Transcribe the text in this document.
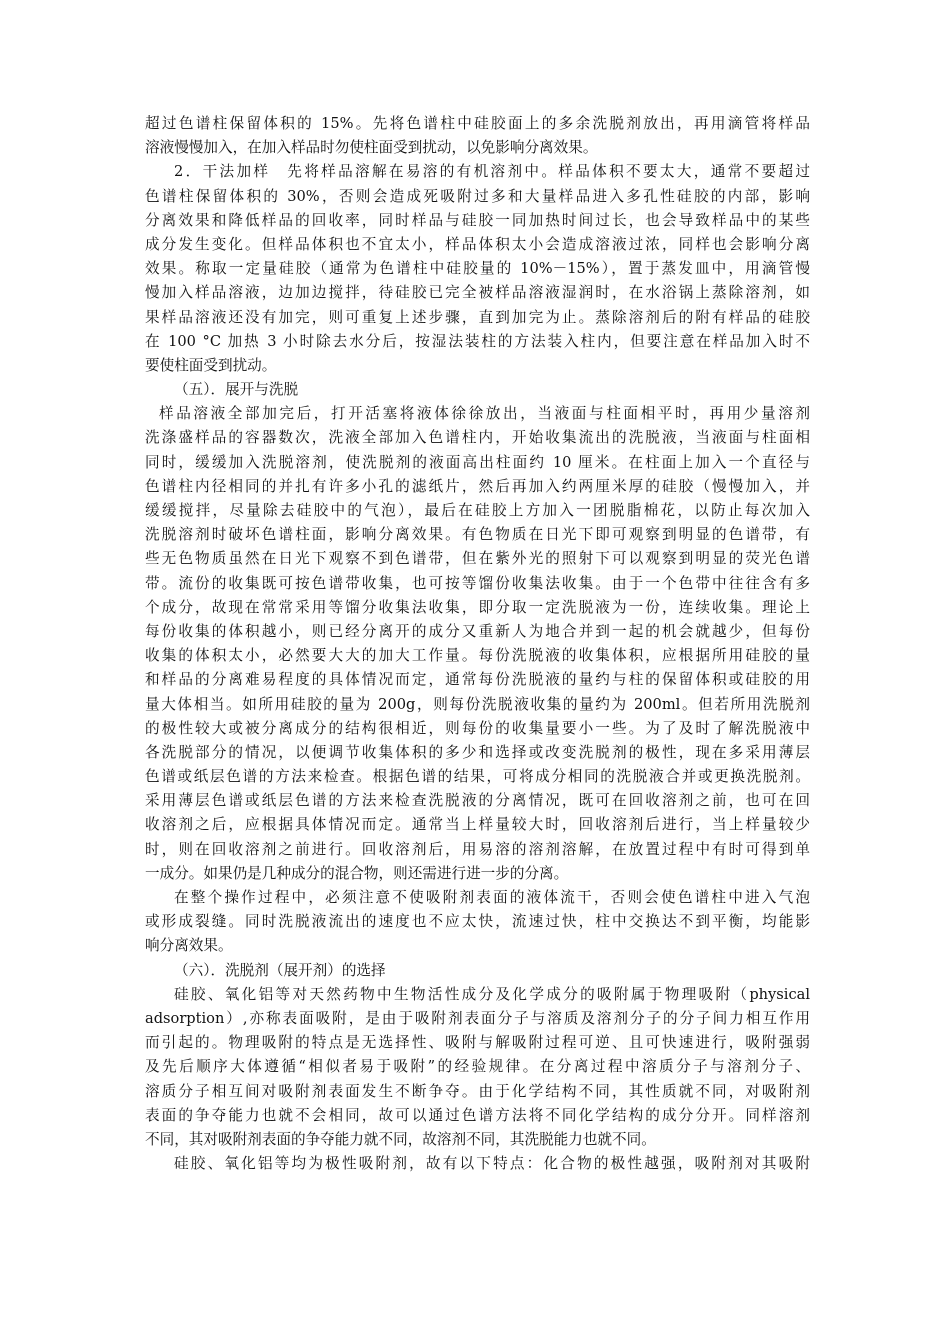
超过色谱柱保留体积的 15%。先将色谱柱中硅胶面上的多余洗脱剂放出，再用滴管将样品
溶液慢慢加入，在加入样品时勿使柱面受到扰动，以免影响分离效果。
2．干法加样　先将样品溶解在易溶的有机溶剂中。样品体积不要太大，通常不要超过
色谱柱保留体积的 30%，否则会造成死吸附过多和大量样品进入多孔性硅胶的内部，影响
分离效果和降低样品的回收率，同时样品与硅胶一同加热时间过长，也会导致样品中的某些
成分发生变化。但样品体积也不宜太小，样品体积太小会造成溶液过浓，同样也会影响分离
效果。称取一定量硅胶（通常为色谱柱中硅胶量的 10%－15%），置于蒸发皿中，用滴管慢
慢加入样品溶液，边加边搅拌，待硅胶已完全被样品溶液湿润时，在水浴锅上蒸除溶剂，如
果样品溶液还没有加完，则可重复上述步骤，直到加完为止。蒸除溶剂后的附有样品的硅胶
在 100 °C 加热 3 小时除去水分后，按湿法装柱的方法装入柱内，但要注意在样品加入时不
要使柱面受到扰动。
（五）．展开与洗脱
样品溶液全部加完后，打开活塞将液体徐徐放出，当液面与柱面相平时，再用少量溶剂
洗涤盛样品的容器数次，洗液全部加入色谱柱内，开始收集流出的洗脱液，当液面与柱面相
同时，缓缓加入洗脱溶剂，使洗脱剂的液面高出柱面约 10 厘米。在柱面上加入一个直径与
色谱柱内径相同的并扎有许多小孔的滤纸片，然后再加入约两厘米厚的硅胶（慢慢加入，并
缓缓搅拌，尽量除去硅胶中的气泡），最后在硅胶上方加入一团脱脂棉花，以防止每次加入
洗脱溶剂时破坏色谱柱面，影响分离效果。有色物质在日光下即可观察到明显的色谱带，有
些无色物质虽然在日光下观察不到色谱带，但在紫外光的照射下可以观察到明显的荧光色谱
带。流份的收集既可按色谱带收集，也可按等馏份收集法收集。由于一个色带中往往含有多
个成分，故现在常常采用等馏分收集法收集，即分取一定洗脱液为一份，连续收集。理论上
每份收集的体积越小，则已经分离开的成分又重新人为地合并到一起的机会就越少，但每份
收集的体积太小，必然要大大的加大工作量。每份洗脱液的收集体积，应根据所用硅胶的量
和样品的分离难易程度的具体情况而定，通常每份洗脱液的量约与柱的保留体积或硅胶的用
量大体相当。如所用硅胶的量为 200g，则每份洗脱液收集的量约为 200ml。但若所用洗脱剂
的极性较大或被分离成分的结构很相近，则每份的收集量要小一些。为了及时了解洗脱液中
各洗脱部分的情况，以便调节收集体积的多少和选择或改变洗脱剂的极性，现在多采用薄层
色谱或纸层色谱的方法来检查。根据色谱的结果，可将成分相同的洗脱液合并或更换洗脱剂。
采用薄层色谱或纸层色谱的方法来检查洗脱液的分离情况，既可在回收溶剂之前，也可在回
收溶剂之后，应根据具体情况而定。通常当上样量较大时，回收溶剂后进行，当上样量较少
时，则在回收溶剂之前进行。回收溶剂后，用易溶的溶剂溶解，在放置过程中有时可得到单
一成分。如果仍是几种成分的混合物，则还需进行进一步的分离。
在整个操作过程中，必须注意不使吸附剂表面的液体流干，否则会使色谱柱中进入气泡
或形成裂缝。同时洗脱液流出的速度也不应太快，流速过快，柱中交换达不到平衡，均能影
响分离效果。
（六）．洗脱剂（展开剂）的选择
硅胶、氧化铝等对天然药物中生物活性成分及化学成分的吸附属于物理吸附（physical
adsorption）,亦称表面吸附，是由于吸附剂表面分子与溶质及溶剂分子的分子间力相互作用
而引起的。物理吸附的特点是无选择性、吸附与解吸附过程可逆、且可快速进行，吸附强弱
及先后顺序大体遵循“相似者易于吸附”的经验规律。在分离过程中溶质分子与溶剂分子、
溶质分子相互间对吸附剂表面发生不断争夺。由于化学结构不同，其性质就不同，对吸附剂
表面的争夺能力也就不会相同，故可以通过色谱方法将不同化学结构的成分分开。同样溶剂
不同，其对吸附剂表面的争夺能力就不同，故溶剂不同，其洗脱能力也就不同。
硅胶、氧化铝等均为极性吸附剂，故有以下特点：化合物的极性越强，吸附剂对其吸附
